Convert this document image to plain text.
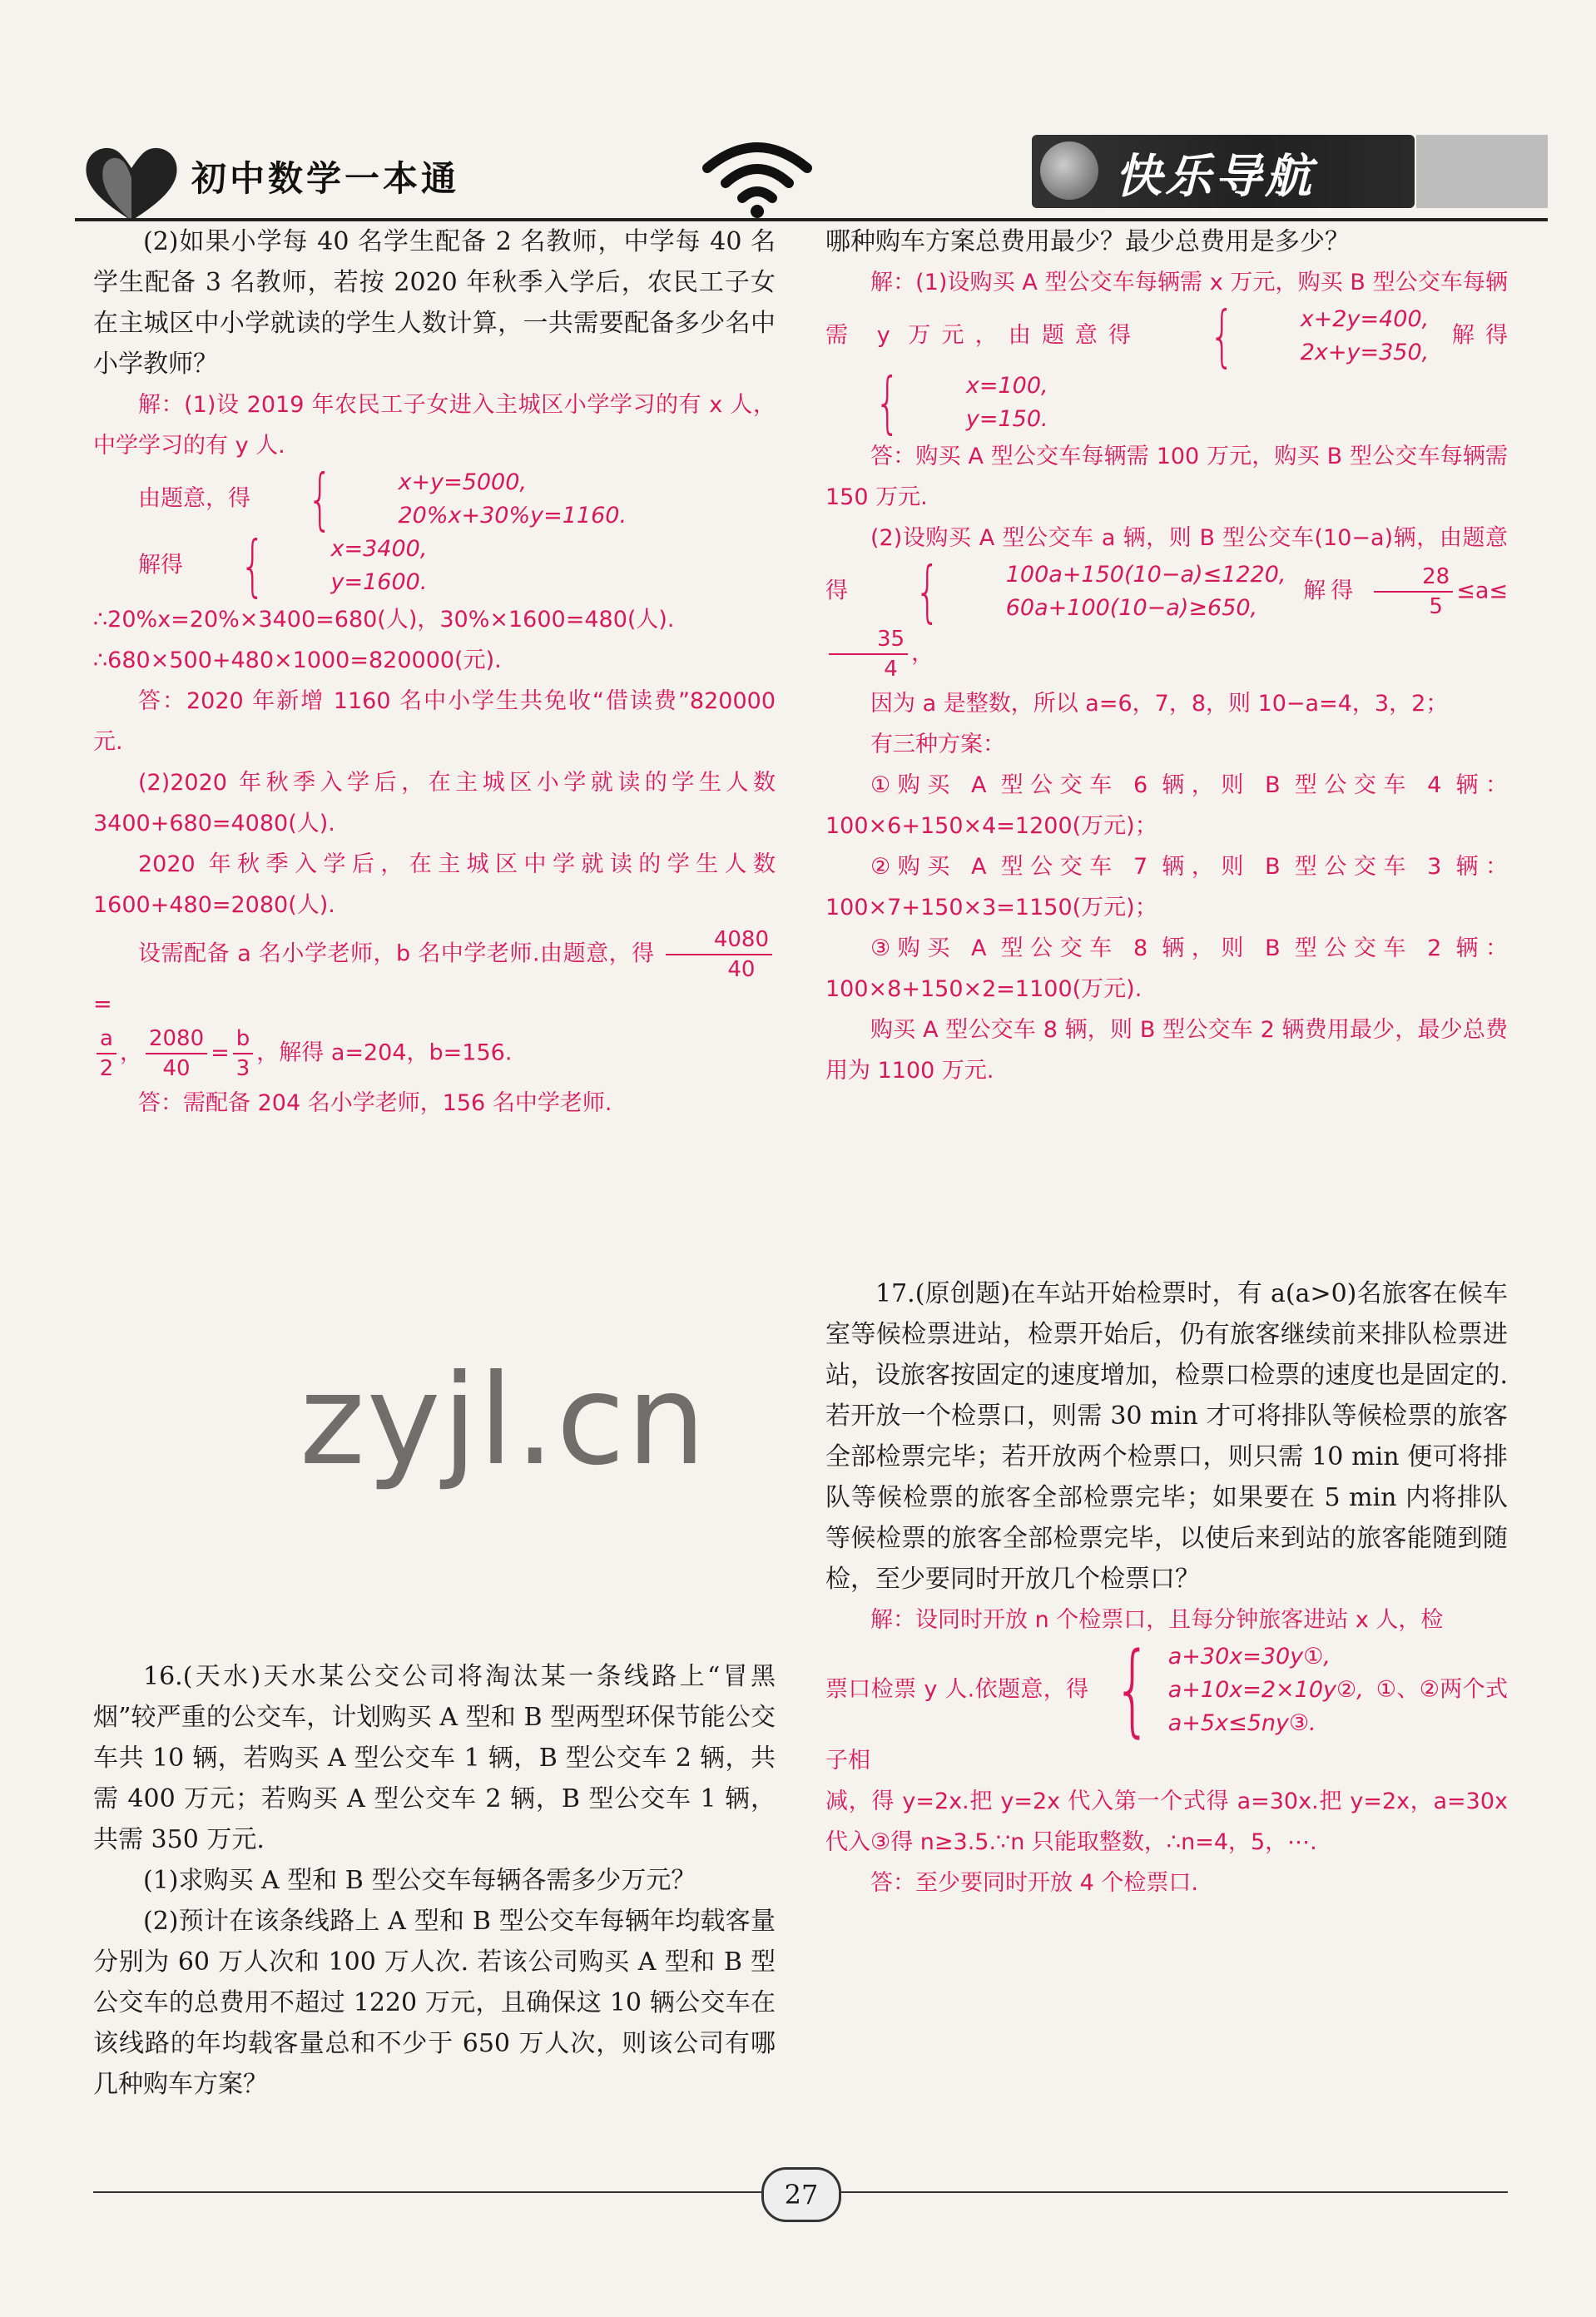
初中数学一本通	快乐导航

(2)如果小学每 40 名学生配备 2 名教师，中学每 40 名学生配备 3 名教师，若按 2020 年秋季入学后，农民工子女在主城区中小学就读的学生人数计算，一共需要配备多少名中小学教师？

解：(1)设 2019 年农民工子女进入主城区小学学习的有 x 人，中学学习的有 y 人.

由题意，得 {	x+y=5000,
20%x+30%y=1160.
解得 {	x=3400,
y=1600.

∴20%x=20%×3400=680(人)，30%×1600=480(人).

∴680×500+480×1000=820000(元).

答：2020 年新增 1160 名中小学生共免收“借读费”820000 元.

(2)2020 年秋季入学后，在主城区小学就读的学生人数3400+680=4080(人).

2020 年秋季入学后，在主城区中学就读的学生人数 1600+480=2080(人).

设需配备 a 名小学老师，b 名中学老师.由题意，得 $\frac{4080}{40}$
=
$\frac{a}{2}$ ， $\frac{2080}{40} = \frac{b}{3}$ ，解得 a=204，b=156.

答：需配备 204 名小学老师，156 名中学老师.

哪种购车方案总费用最少？最少总费用是多少？

解：(1)设购买 A 型公交车每辆需 x 万元，购买 B 型公交车每辆需 y 万元，由题意得	{	x+2y=400,
2x+y=350,
解得
{	x=100,
y=150.

答：购买 A 型公交车每辆需 100 万元，购买 B 型公交车每辆需 150 万元.

(2)设购买 A 型公交车 a 辆，则 B 型公交车(10−a)辆，由题意得 {	100a+150(10−a)≤1220,
60a+100(10−a)≥650,
解得 $\frac{28}{5} \le a\le$
$\frac{35}{4}$ ，

因为 a 是整数，所以 a=6，7，8，则 10−a=4，3，2；

有三种方案：

①购买 A 型公交车 6 辆，则 B 型公交车 4 辆：100×6+150×4=1200(万元)；

②购买 A 型公交车 7 辆，则 B 型公交车 3 辆：100×7+150×3=1150(万元)；

③购买 A 型公交车 8 辆，则 B 型公交车 2 辆：100×8+150×2=1100(万元).

购买 A 型公交车 8 辆，则 B 型公交车 2 辆费用最少，最少总费用为 1100 万元.

17.(原创题)在车站开始检票时，有 a(a>0)名旅客在候车室等候检票进站，检票开始后，仍有旅客继续前来排队检票进站，设旅客按固定的速度增加，检票口检票的速度也是固定的.若开放一个检票口，则需 30 min 才可将排队等候检票的旅客全部检票完毕；若开放两个检票口，则只需 10 min 便可将排队等候检票的旅客全部检票完毕；如果要在 5 min 内将排队等候检票的旅客全部检票完毕，以使后来到站的旅客能随到随检，至少要同时开放几个检票口？

解：设同时开放 n 个检票口，且每分钟旅客进站 x 人，检

票口检票 y 人.依题意，得 { a+30x=30y①,
a+10x=2×10y②,
a+5x≤5ny③.
①、②两个式子相

减，得 y=2x.把 y=2x 代入第一个式得 a=30x.把 y=2x，a=30x 代入③得 n≥3.5.∵n 只能取整数，∴n=4，5，⋯.

答：至少要同时开放 4 个检票口.

zyjl.cn

16.(天水)天水某公交公司将淘汰某一条线路上“冒黑烟”较严重的公交车，计划购买 A 型和 B 型两型环保节能公交车共 10 辆，若购买 A 型公交车 1 辆，B 型公交车 2 辆，共需 400 万元；若购买 A 型公交车 2 辆，B 型公交车 1 辆，共需 350 万元.

(1)求购买 A 型和 B 型公交车每辆各需多少万元？

(2)预计在该条线路上 A 型和 B 型公交车每辆年均载客量分别为 60 万人次和 100 万人次. 若该公司购买 A 型和 B 型公交车的总费用不超过 1220 万元，且确保这 10 辆公交车在该线路的年均载客量总和不少于 650 万人次，则该公司有哪几种购车方案？

27
